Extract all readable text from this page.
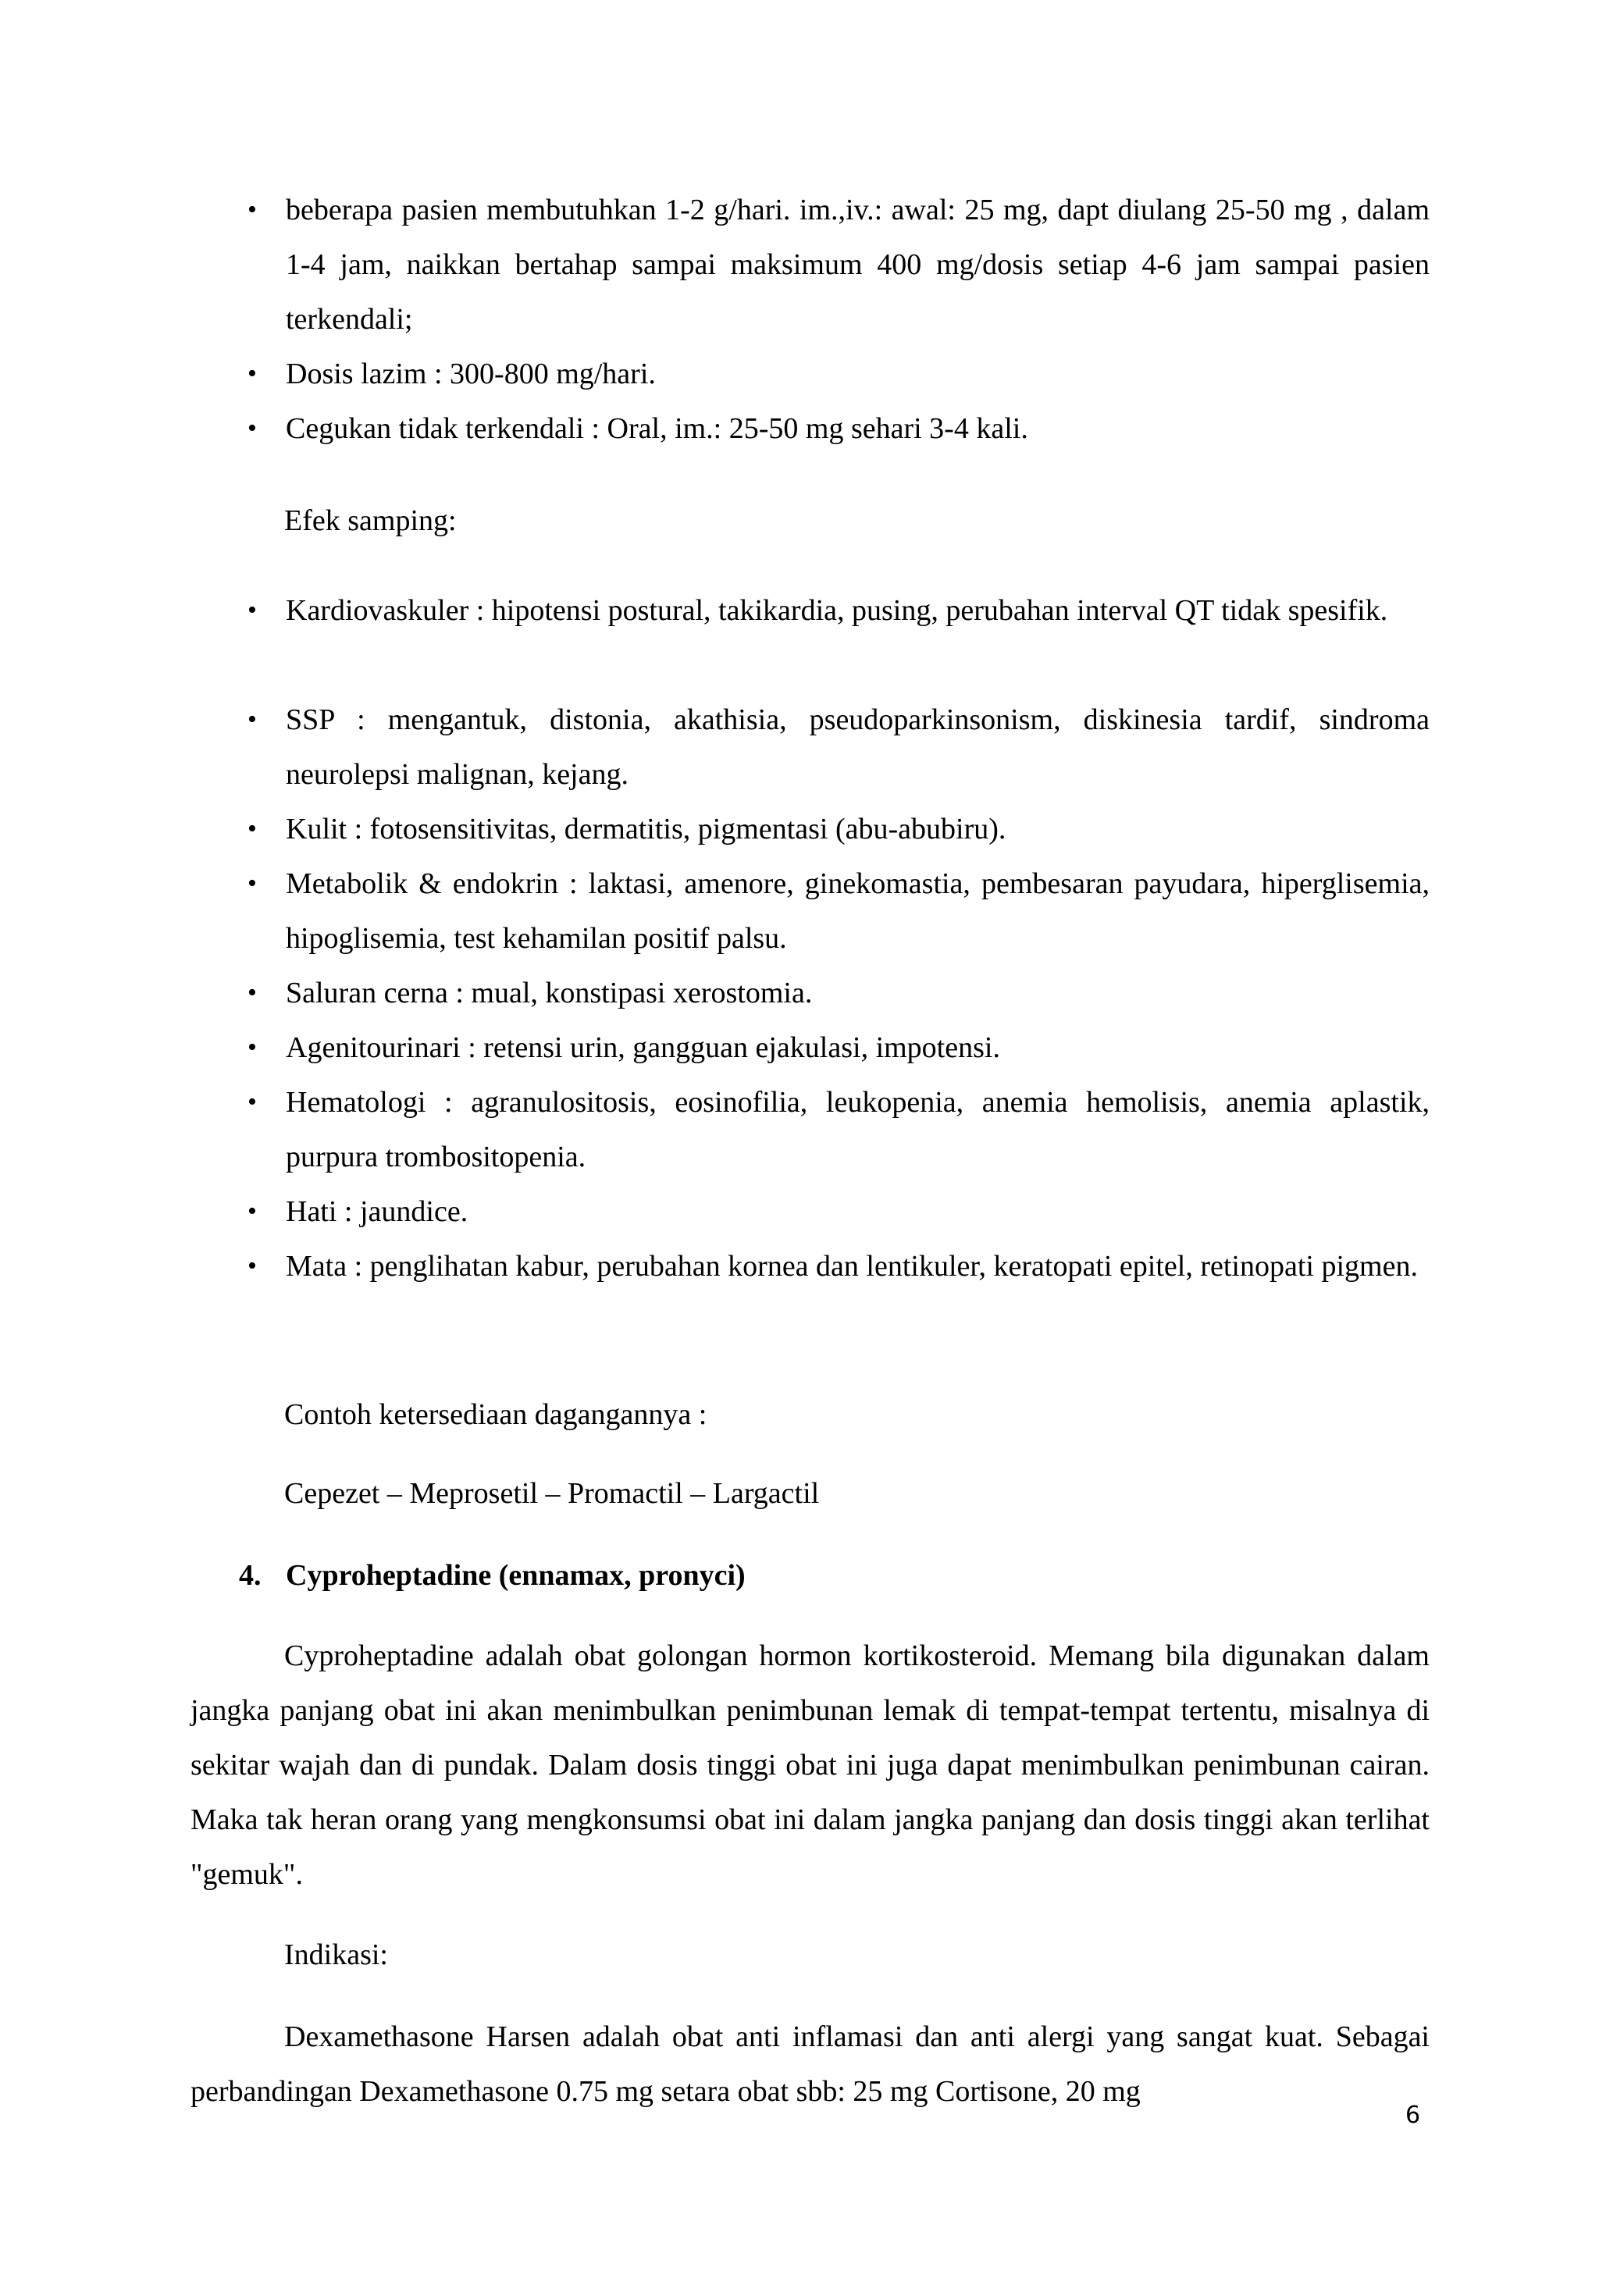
• beberapa pasien membutuhkan 1-2 g/hari. im.,iv.: awal: 25 mg, dapt diulang 25-50 mg , dalam 1-4 jam, naikkan bertahap sampai maksimum 400 mg/dosis setiap 4-6 jam sampai pasien terkendali;
• Dosis lazim : 300-800 mg/hari.
• Cegukan tidak terkendali : Oral, im.: 25-50 mg sehari 3-4 kali.

Efek samping:

• Kardiovaskuler : hipotensi postural, takikardia, pusing, perubahan interval QT tidak spesifik.
• SSP : mengantuk, distonia, akathisia, pseudoparkinsonism, diskinesia tardif, sindroma neurolepsi malignan, kejang.
• Kulit : fotosensitivitas, dermatitis, pigmentasi (abu-abubiru).
• Metabolik & endokrin : laktasi, amenore, ginekomastia, pembesaran payudara, hiperglisemia, hipoglisemia, test kehamilan positif palsu.
• Saluran cerna : mual, konstipasi xerostomia.
• Agenitourinari : retensi urin, gangguan ejakulasi, impotensi.
• Hematologi : agranulositosis, eosinofilia, leukopenia, anemia hemolisis, anemia aplastik, purpura trombositopenia.
• Hati : jaundice.
• Mata : penglihatan kabur, perubahan kornea dan lentikuler, keratopati epitel, retinopati pigmen.

Contoh ketersediaan dagangannya :

Cepezet – Meprosetil – Promactil – Largactil

4. Cyproheptadine (ennamax, pronyci)

Cyproheptadine adalah obat golongan hormon kortikosteroid. Memang bila digunakan dalam jangka panjang obat ini akan menimbulkan penimbunan lemak di tempat-tempat tertentu, misalnya di sekitar wajah dan di pundak. Dalam dosis tinggi obat ini juga dapat menimbulkan penimbunan cairan. Maka tak heran orang yang mengkonsumsi obat ini dalam jangka panjang dan dosis tinggi akan terlihat "gemuk".

Indikasi:

Dexamethasone Harsen adalah obat anti inflamasi dan anti alergi yang sangat kuat. Sebagai perbandingan Dexamethasone 0.75 mg setara obat sbb: 25 mg Cortisone, 20 mg

6
